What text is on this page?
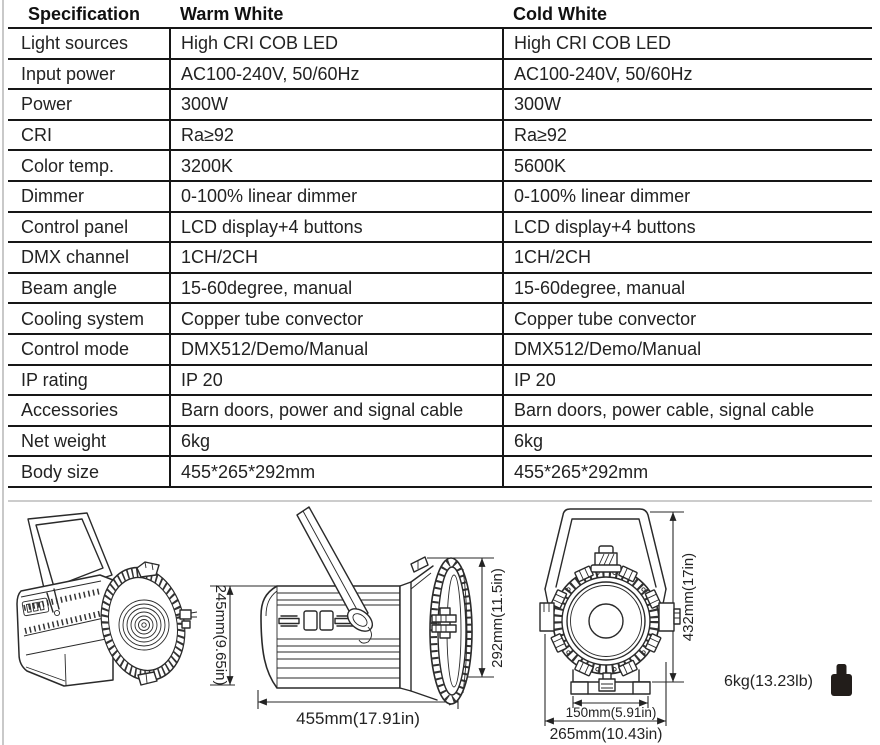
Specification	Warm White	Cold White
Light sources	High CRI COB LED	High CRI COB LED
Input power	AC100-240V, 50/60Hz	AC100-240V, 50/60Hz
Power	300W	300W
CRI	Ra≥92	Ra≥92
Color temp.	3200K	5600K
Dimmer	0-100% linear dimmer	0-100% linear dimmer
Control panel	LCD display+4 buttons	LCD display+4 buttons
DMX channel	1CH/2CH	1CH/2CH
Beam angle	15-60degree, manual	15-60degree, manual
Cooling system	Copper tube convector	Copper tube convector
Control mode	DMX512/Demo/Manual	DMX512/Demo/Manual
IP rating	IP 20	IP 20
Accessories	Barn doors, power and signal cable	Barn doors, power cable, signal cable
Net weight	6kg	6kg
Body size	455*265*292mm	455*265*292mm
245mm(9.65in)	292mm(11.5in)
455mm(17.91in)
432mm(17in)
150mm(5.91in)
265mm(10.43in)
6kg(13.23lb)
